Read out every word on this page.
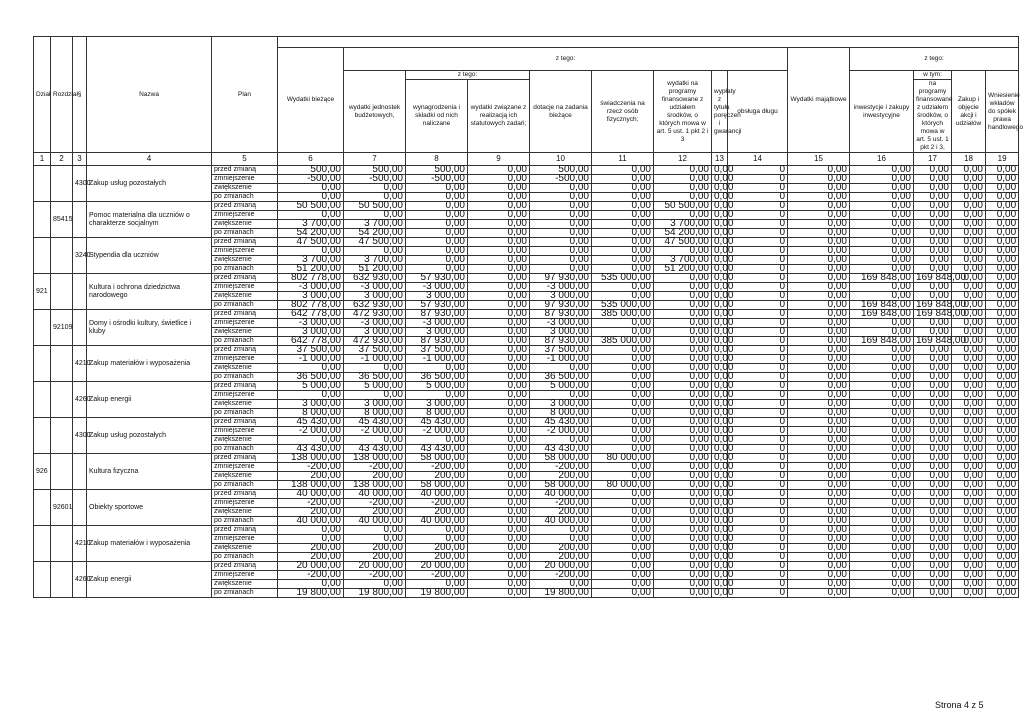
Dział	Rozdział	§	Nazwa	Plan															
					Wydatki bieżące	z tego:								Wydatki majątkowe	z tego:				
						wydatki jednostek budżetowych,	z tego:		dotacje na zadania bieżące	świadczenia na rzecz osób fizycznych;	wydatki na programy finansowane z udziałem środków, o których mowa w art. 5 ust. 1 pkt 2 i 3	wypłaty z tytułu poręczeń i gwarancji	obsługa długu		inwestycje i zakupy inwestycyjne	w tym:	Zakup i objęcie akcji i udziałów	Wniesienie wkładów do spółek prawa handlowego	
							wynagrodzenia i składki od nich naliczane	wydatki związane z realizacją ich statutowych zadań;								na programy finansowane z udziałem środków, o których mowa w art. 5 ust. 1 pkt 2 i 3,			
1	2	3	4	5	6	7	8	9	10	11	12	13	14	15	16	17	18	19	
		4300	Zakup usług pozostałych	przed zmianą	500,00	500,00	500,00	0,00	500,00	0,00	0,00	0,00	0	0,00	0,00	0,00	0,00	0,00	
				zmniejszenie	-500,00	-500,00	-500,00	0,00	-500,00	0,00	0,00	0,00	0	0,00	0,00	0,00	0,00	0,00	
				zwiększenie	0,00	0,00	0,00	0,00	0,00	0,00	0,00	0,00	0	0,00	0,00	0,00	0,00	0,00	
				po zmianach	0,00	0,00	0,00	0,00	0,00	0,00	0,00	0,00	0	0,00	0,00	0,00	0,00	0,00	
	85415		Pomoc materialna dla uczniów o charakterze socjalnym	przed zmianą	50 500,00	50 500,00	0,00	0,00	0,00	0,00	50 500,00	0,00	0	0,00	0,00	0,00	0,00	0,00	
				zmniejszenie	0,00	0,00	0,00	0,00	0,00	0,00	0,00	0,00	0	0,00	0,00	0,00	0,00	0,00	
				zwiększenie	3 700,00	3 700,00	0,00	0,00	0,00	0,00	3 700,00	0,00	0	0,00	0,00	0,00	0,00	0,00	
				po zmianach	54 200,00	54 200,00	0,00	0,00	0,00	0,00	54 200,00	0,00	0	0,00	0,00	0,00	0,00	0,00	
		3240	Stypendia dla uczniów	przed zmianą	47 500,00	47 500,00	0,00	0,00	0,00	0,00	47 500,00	0,00	0	0,00	0,00	0,00	0,00	0,00	
				zmniejszenie	0,00	0,00	0,00	0,00	0,00	0,00	0,00	0,00	0	0,00	0,00	0,00	0,00	0,00	
				zwiększenie	3 700,00	3 700,00	0,00	0,00	0,00	0,00	3 700,00	0,00	0	0,00	0,00	0,00	0,00	0,00	
				po zmianach	51 200,00	51 200,00	0,00	0,00	0,00	0,00	51 200,00	0,00	0	0,00	0,00	0,00	0,00	0,00	
921			Kultura i ochrona dziedzictwa narodowego	przed zmianą	802 778,00	632 930,00	57 930,00	0,00	97 930,00	535 000,00	0,00	0,00	0	0,00	169 848,00	169 848,00	0,00	0,00	
				zmniejszenie	-3 000,00	-3 000,00	-3 000,00	0,00	-3 000,00	0,00	0,00	0,00	0	0,00	0,00	0,00	0,00	0,00	
				zwiększenie	3 000,00	3 000,00	3 000,00	0,00	3 000,00	0,00	0,00	0,00	0	0,00	0,00	0,00	0,00	0,00	
				po zmianach	802 778,00	632 930,00	57 930,00	0,00	97 930,00	535 000,00	0,00	0,00	0	0,00	169 848,00	169 848,00	0,00	0,00	
	92109		Domy i ośrodki kultury, świetlice i kluby	przed zmianą	642 778,00	472 930,00	87 930,00	0,00	87 930,00	385 000,00	0,00	0,00	0	0,00	169 848,00	169 848,00	0,00	0,00	
				zmniejszenie	-3 000,00	-3 000,00	-3 000,00	0,00	-3 000,00	0,00	0,00	0,00	0	0,00	0,00	0,00	0,00	0,00	
				zwiększenie	3 000,00	3 000,00	3 000,00	0,00	3 000,00	0,00	0,00	0,00	0	0,00	0,00	0,00	0,00	0,00	
				po zmianach	642 778,00	472 930,00	87 930,00	0,00	87 930,00	385 000,00	0,00	0,00	0	0,00	169 848,00	169 848,00	0,00	0,00	
		4210	Zakup materiałów i wyposażenia	przed zmianą	37 500,00	37 500,00	37 500,00	0,00	37 500,00	0,00	0,00	0,00	0	0,00	0,00	0,00	0,00	0,00	
				zmniejszenie	-1 000,00	-1 000,00	-1 000,00	0,00	-1 000,00	0,00	0,00	0,00	0	0,00	0,00	0,00	0,00	0,00	
				zwiększenie	0,00	0,00	0,00	0,00	0,00	0,00	0,00	0,00	0	0,00	0,00	0,00	0,00	0,00	
				po zmianach	36 500,00	36 500,00	36 500,00	0,00	36 500,00	0,00	0,00	0,00	0	0,00	0,00	0,00	0,00	0,00	
		4260	Zakup energii	przed zmianą	5 000,00	5 000,00	5 000,00	0,00	5 000,00	0,00	0,00	0,00	0	0,00	0,00	0,00	0,00	0,00	
				zmniejszenie	0,00	0,00	0,00	0,00	0,00	0,00	0,00	0,00	0	0,00	0,00	0,00	0,00	0,00	
				zwiększenie	3 000,00	3 000,00	3 000,00	0,00	3 000,00	0,00	0,00	0,00	0	0,00	0,00	0,00	0,00	0,00	
				po zmianach	8 000,00	8 000,00	8 000,00	0,00	8 000,00	0,00	0,00	0,00	0	0,00	0,00	0,00	0,00	0,00	
		4300	Zakup usług pozostałych	przed zmianą	45 430,00	45 430,00	45 430,00	0,00	45 430,00	0,00	0,00	0,00	0	0,00	0,00	0,00	0,00	0,00	
				zmniejszenie	-2 000,00	-2 000,00	-2 000,00	0,00	-2 000,00	0,00	0,00	0,00	0	0,00	0,00	0,00	0,00	0,00	
				zwiększenie	0,00	0,00	0,00	0,00	0,00	0,00	0,00	0,00	0	0,00	0,00	0,00	0,00	0,00	
				po zmianach	43 430,00	43 430,00	43 430,00	0,00	43 430,00	0,00	0,00	0,00	0	0,00	0,00	0,00	0,00	0,00	
926			Kultura fizyczna	przed zmianą	138 000,00	138 000,00	58 000,00	0,00	58 000,00	80 000,00	0,00	0,00	0	0,00	0,00	0,00	0,00	0,00	
				zmniejszenie	-200,00	-200,00	-200,00	0,00	-200,00	0,00	0,00	0,00	0	0,00	0,00	0,00	0,00	0,00	
				zwiększenie	200,00	200,00	200,00	0,00	200,00	0,00	0,00	0,00	0	0,00	0,00	0,00	0,00	0,00	
				po zmianach	138 000,00	138 000,00	58 000,00	0,00	58 000,00	80 000,00	0,00	0,00	0	0,00	0,00	0,00	0,00	0,00	
	92601		Obiekty sportowe	przed zmianą	40 000,00	40 000,00	40 000,00	0,00	40 000,00	0,00	0,00	0,00	0	0,00	0,00	0,00	0,00	0,00	
				zmniejszenie	-200,00	-200,00	-200,00	0,00	-200,00	0,00	0,00	0,00	0	0,00	0,00	0,00	0,00	0,00	
				zwiększenie	200,00	200,00	200,00	0,00	200,00	0,00	0,00	0,00	0	0,00	0,00	0,00	0,00	0,00	
				po zmianach	40 000,00	40 000,00	40 000,00	0,00	40 000,00	0,00	0,00	0,00	0	0,00	0,00	0,00	0,00	0,00	
		4210	Zakup materiałów i wyposażenia	przed zmianą	0,00	0,00	0,00	0,00	0,00	0,00	0,00	0,00	0	0,00	0,00	0,00	0,00	0,00	
				zmniejszenie	0,00	0,00	0,00	0,00	0,00	0,00	0,00	0,00	0	0,00	0,00	0,00	0,00	0,00	
				zwiększenie	200,00	200,00	200,00	0,00	200,00	0,00	0,00	0,00	0	0,00	0,00	0,00	0,00	0,00	
				po zmianach	200,00	200,00	200,00	0,00	200,00	0,00	0,00	0,00	0	0,00	0,00	0,00	0,00	0,00	
		4260	Zakup energii	przed zmianą	20 000,00	20 000,00	20 000,00	0,00	20 000,00	0,00	0,00	0,00	0	0,00	0,00	0,00	0,00	0,00	
				zmniejszenie	-200,00	-200,00	-200,00	0,00	-200,00	0,00	0,00	0,00	0	0,00	0,00	0,00	0,00	0,00	
				zwiększenie	0,00	0,00	0,00	0,00	0,00	0,00	0,00	0,00	0	0,00	0,00	0,00	0,00	0,00	
				po zmianach	19 800,00	19 800,00	19 800,00	0,00	19 800,00	0,00	0,00	0,00	0	0,00	0,00	0,00	0,00	0,00	
Strona 4 z 5
